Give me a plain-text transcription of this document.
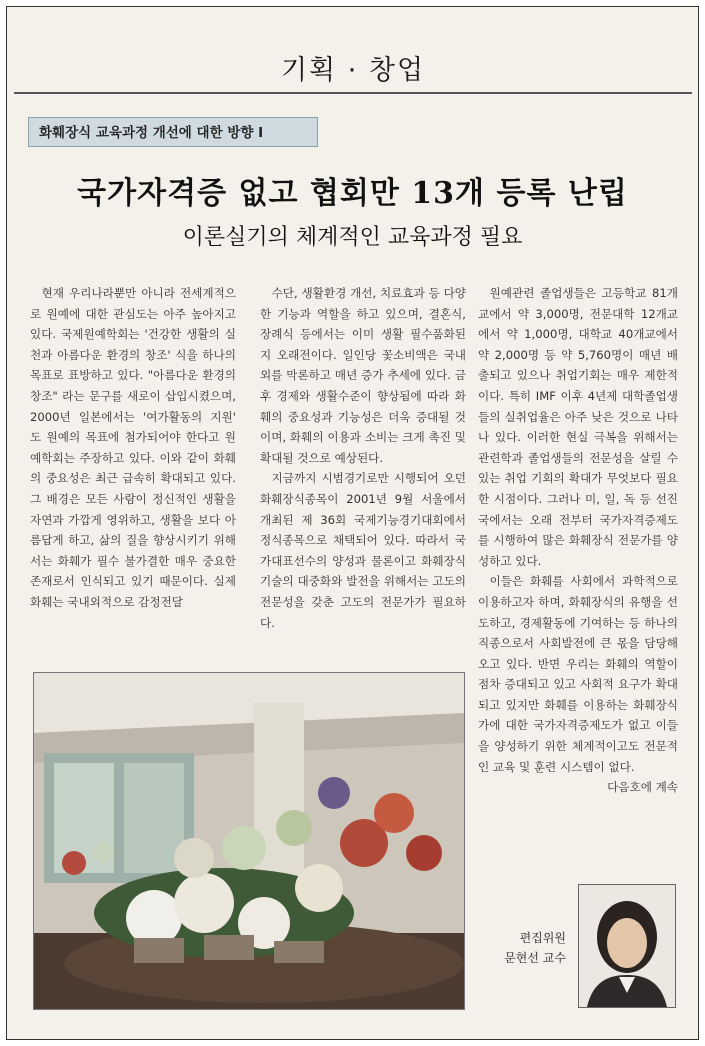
기획 · 창업
화훼장식 교육과정 개선에 대한 방향 I
국가자격증 없고 협회만 13개 등록 난립
이론실기의 체계적인 교육과정 필요

현재 우리나라뿐만 아니라 전세계적으로 원예에 대한 관심도는 아주 높아지고 있다. 국제원예학회는 '건강한 생활의 실천과 아름다운 환경의 창조' 식을 하나의 목표로 표방하고 있다. "아름다운 환경의 창조" 라는 문구를 새로이 삽입시켰으며, 2000년 일본에서는 '여가활동의 지원' 도 원예의 목표에 첨가되어야 한다고 원예학회는 주장하고 있다. 이와 같이 화훼의 중요성은 최근 급속히 확대되고 있다. 그 배경은 모든 사람이 정신적인 생활을 자연과 가깝게 영위하고, 생활을 보다 아름답게 하고, 삶의 질을 향상시키기 위해서는 화훼가 필수 불가결한 매우 중요한 존재로서 인식되고 있기 때문이다. 실제 화훼는 국내외적으로 감정전달

수단, 생활환경 개선, 치료효과 등 다양한 기능과 역할을 하고 있으며, 결혼식, 장례식 등에서는 이미 생활 필수품화된 지 오래전이다. 일인당 꽃소비액은 국내외를 막론하고 매년 증가 추세에 있다. 금후 경제와 생활수준이 향상됨에 따라 화훼의 중요성과 기능성은 더욱 증대될 것이며, 화훼의 이용과 소비는 크게 촉진 및 확대될 것으로 예상된다.

지금까지 시범경기로만 시행되어 오던 화훼장식종목이 2001년 9월 서울에서 개최된 제 36회 국제기능경기대회에서 정식종목으로 채택되어 있다. 따라서 국가대표선수의 양성과 물론이고 화훼장식기술의 대중화와 발전을 위해서는 고도의 전문성을 갖춘 고도의 전문가가 필요하다.

원예관련 졸업생들은 고등학교 81개교에서 약 3,000명, 전문대학 12개교에서 약 1,000명, 대학교 40개교에서 약 2,000명 등 약 5,760명이 매년 배출되고 있으나 취업기회는 매우 제한적이다. 특히 IMF 이후 4년제 대학졸업생들의 실취업율은 아주 낮은 것으로 나타나 있다. 이러한 현실 극복을 위해서는 관련학과 졸업생들의 전문성을 살릴 수 있는 취업 기회의 확대가 무엇보다 필요한 시점이다. 그러나 미, 일, 독 등 선진국에서는 오래 전부터 국가자격증제도를 시행하여 많은 화훼장식 전문가를 양성하고 있다.

이들은 화훼를 사회에서 과학적으로 이용하고자 하며, 화훼장식의 유행을 선도하고, 경제활동에 기여하는 등 하나의 직종으로서 사회발전에 큰 몫을 담당해오고 있다. 반면 우리는 화훼의 역할이 점차 증대되고 있고 사회적 요구가 확대되고 있지만 화훼를 이용하는 화훼장식가에 대한 국가자격증제도가 없고 이들을 양성하기 위한 체계적이고도 전문적인 교육 및 훈련 시스템이 없다.

다음호에 계속

편집위원
문현선 교수
